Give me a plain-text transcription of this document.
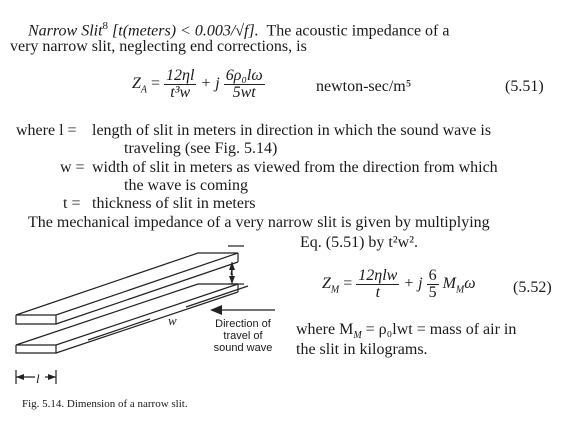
Narrow Slit$^8$ [t(meters) < 0.003/√f]. The acoustic impedance of a
very narrow slit, neglecting end corrections, is
$Z_A = \frac{12\eta l}{\text{t³w}} + j \frac{\text{6ρ₀lω}}{5wt}$	newton-sec/m⁵	(5.51)
where l = length of slit in meters in direction in which the sound wave is
traveling (see Fig. 5.14)
w = width of slit in meters as viewed from the direction from which
the wave is coming
t = thickness of slit in meters
The mechanical impedance of a very narrow slit is given by multiplying
Eq. (5.51) by t²w².
$Z_M = \frac{\text{12ηlw}}{t} + j \frac{6}{5} M_M\omega$ (5.52)
where $M_M = \rho_0lwt$ = mass of air in
the slit in kilograms.
t
w
l
Direction of
travel of
sound wave
Fig. 5.14. Dimension of a narrow slit.
